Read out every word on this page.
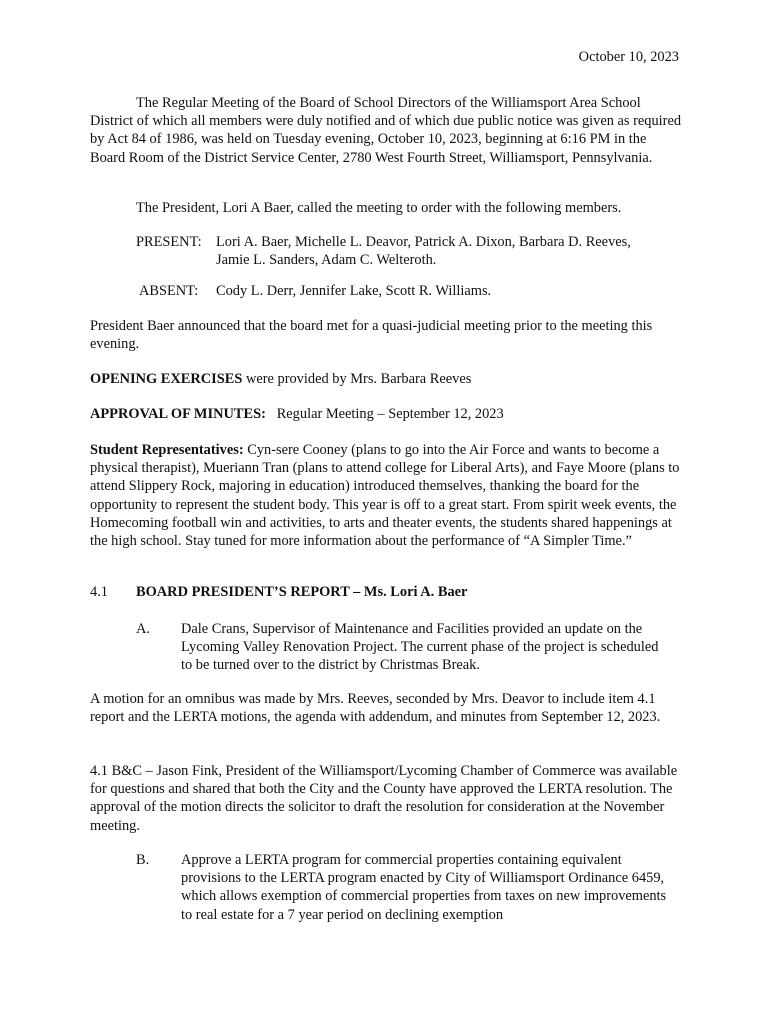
October 10, 2023

The Regular Meeting of the Board of School Directors of the Williamsport Area School District of which all members were duly notified and of which due public notice was given as required by Act 84 of 1986, was held on Tuesday evening, October 10, 2023, beginning at 6:16 PM in the Board Room of the District Service Center, 2780 West Fourth Street, Williamsport, Pennsylvania.

The President, Lori A Baer, called the meeting to order with the following members.

PRESENT: Lori A. Baer, Michelle L. Deavor, Patrick A. Dixon, Barbara D. Reeves,
Jamie L. Sanders, Adam C. Welteroth.
ABSENT: Cody L. Derr, Jennifer Lake, Scott R. Williams.

President Baer announced that the board met for a quasi-judicial meeting prior to the meeting this evening.

OPENING EXERCISES were provided by Mrs. Barbara Reeves

APPROVAL OF MINUTES:   Regular Meeting – September 12, 2023

Student Representatives: Cyn-sere Cooney (plans to go into the Air Force and wants to become a physical therapist), Mueriann Tran (plans to attend college for Liberal Arts), and Faye Moore (plans to attend Slippery Rock, majoring in education) introduced themselves, thanking the board for the opportunity to represent the student body. This year is off to a great start. From spirit week events, the Homecoming football win and activities, to arts and theater events, the students shared happenings at the high school. Stay tuned for more information about the performance of “A Simpler Time.”

4.1 BOARD PRESIDENT’S REPORT – Ms. Lori A. Baer
A. Dale Crans, Supervisor of Maintenance and Facilities provided an update on the Lycoming Valley Renovation Project. The current phase of the project is scheduled to be turned over to the district by Christmas Break.

A motion for an omnibus was made by Mrs. Reeves, seconded by Mrs. Deavor to include item 4.1 report and the LERTA motions, the agenda with addendum, and minutes from September 12, 2023.

4.1 B&C – Jason Fink, President of the Williamsport/Lycoming Chamber of Commerce was available for questions and shared that both the City and the County have approved the LERTA resolution. The approval of the motion directs the solicitor to draft the resolution for consideration at the November meeting.

B. Approve a LERTA program for commercial properties containing equivalent provisions to the LERTA program enacted by City of Williamsport Ordinance 6459, which allows exemption of commercial properties from taxes on new improvements to real estate for a 7 year period on declining exemption
